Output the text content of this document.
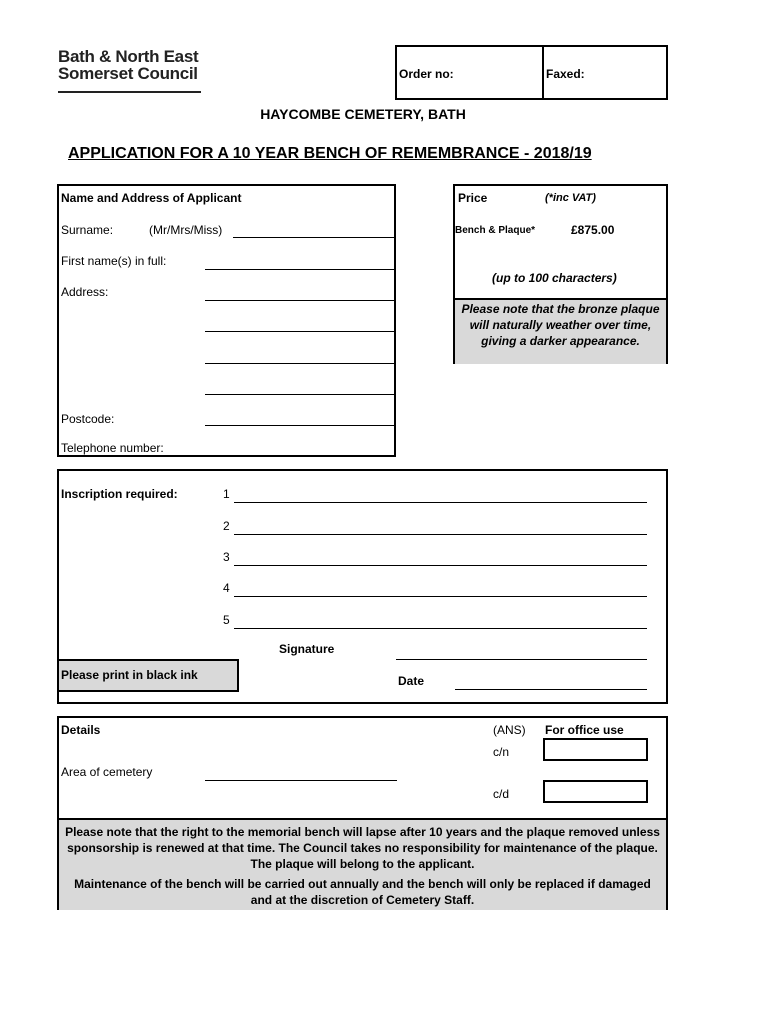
Bath & North East
Somerset Council	Order no:	Faxed:
HAYCOMBE CEMETERY, BATH
APPLICATION FOR A 10 YEAR BENCH OF REMEMBRANCE - 2018/19
Name and Address of Applicant
Surname:	(Mr/Mrs/Miss)
First name(s) in full:
Address:
Postcode:
Telephone number:
Price	(*inc VAT)
Bench & Plaque*	£875.00
(up to 100 characters)
Please note that the bronze plaque will naturally weather over time, giving a darker appearance.
Inscription required:	1
2
3
4
5
Signature
Please print in black ink	Date
Details	(ANS) For office use
c/n
Area of cemetery
c/d
Please note that the right to the memorial bench will lapse after 10 years and the plaque removed unless sponsorship is renewed at that time. The Council takes no responsibility for maintenance of the plaque. The plaque will belong to the applicant.
Maintenance of the bench will be carried out annually and the bench will only be replaced if damaged and at the discretion of Cemetery Staff.
